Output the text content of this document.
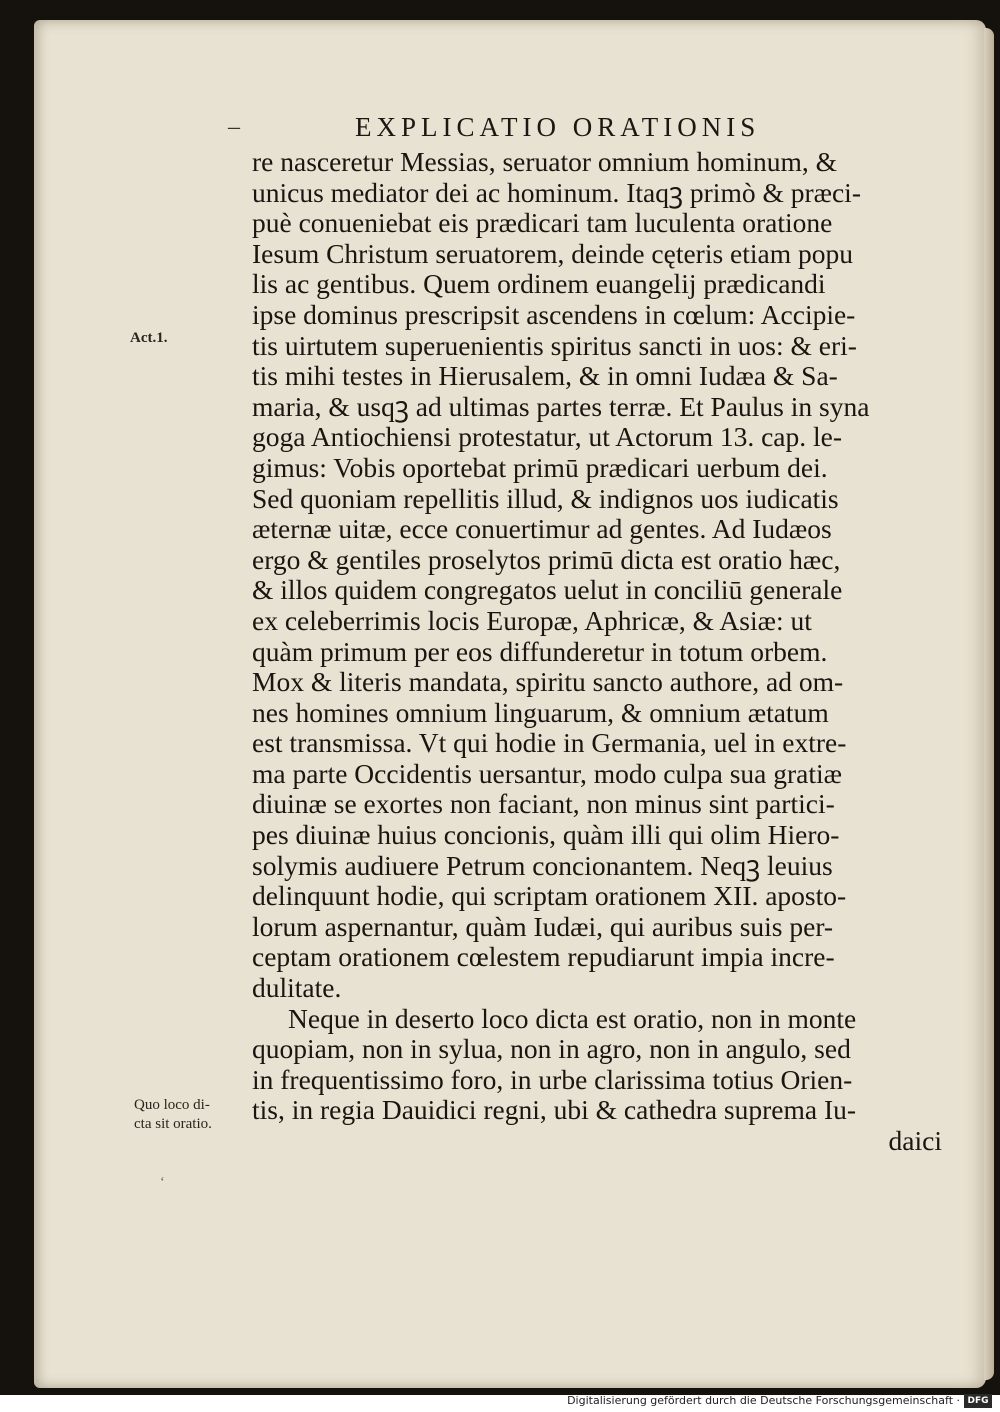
–	EXPLICATIO ORATIONIS
Act.1.
Quo loco di-
cta sit oratio.
‘
re nasceretur Messias, seruator omnium hominum, &
unicus mediator dei ac hominum. Itaqꝫ primò & præci-
puè conueniebat eis prædicari tam luculenta oratione
Iesum Christum seruatorem, deinde cęteris etiam popu
lis ac gentibus. Quem ordinem euangelij prædicandi
ipse dominus prescripsit ascendens in cœlum: Accipie-
tis uirtutem superuenientis spiritus sancti in uos: & eri-
tis mihi testes in Hierusalem, & in omni Iudæa & Sa-
maria, & usqꝫ ad ultimas partes terræ. Et Paulus in syna
goga Antiochiensi protestatur, ut Actorum 13. cap. le-
gimus: Vobis oportebat primū prædicari uerbum dei.
Sed quoniam repellitis illud, & indignos uos iudicatis
æternæ uitæ, ecce conuertimur ad gentes. Ad Iudæos
ergo & gentiles proselytos primū dicta est oratio hæc,
& illos quidem congregatos uelut in conciliū generale
ex celeberrimis locis Europæ, Aphricæ, & Asiæ: ut
quàm primum per eos diffunderetur in totum orbem.
Mox & literis mandata, spiritu sancto authore, ad om-
nes homines omnium linguarum, & omnium ætatum
est transmissa. Vt qui hodie in Germania, uel in extre-
ma parte Occidentis uersantur, modo culpa sua gratiæ
diuinæ se exortes non faciant, non minus sint partici-
pes diuinæ huius concionis, quàm illi qui olim Hiero-
solymis audiuere Petrum concionantem. Neqꝫ leuius
delinquunt hodie, qui scriptam orationem XII. aposto-
lorum aspernantur, quàm Iudæi, qui auribus suis per-
ceptam orationem cœlestem repudiarunt impia incre-
dulitate.
Neque in deserto loco dicta est oratio, non in monte
quopiam, non in sylua, non in agro, non in angulo, sed
in frequentissimo foro, in urbe clarissima totius Orien-
tis, in regia Dauidici regni, ubi & cathedra suprema Iu-
daici
Digitalisierung gefördert durch die Deutsche Forschungsgemeinschaft · DFG
